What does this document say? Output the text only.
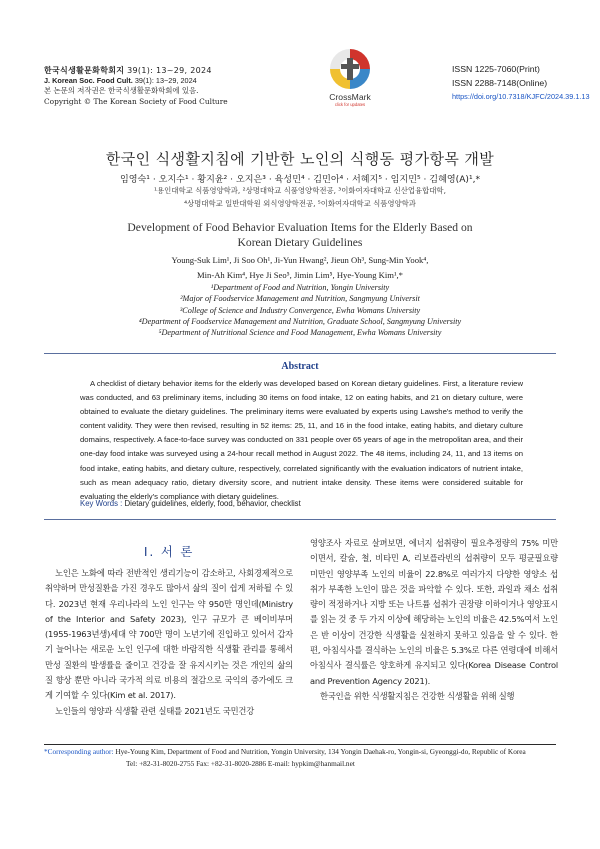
한국식생활문화학회지 39(1): 13~29, 2024
J. Korean Soc. Food Cult. 39(1): 13~29, 2024
본 논문의 저작권은 한국식생활문화학회에 있음.
Copyright © The Korean Society of Food Culture	CrossMark
click for updates
ISSN 1225-7060(Print)
ISSN 2288-7148(Online)
https://doi.org/10.7318/KJFC/2024.39.1.13
한국인 식생활지침에 기반한 노인의 식행동 평가항목 개발
임영숙¹ · 오지수¹ · 황지윤² · 오지은³ · 육성민⁴ · 김민아⁴ · 서혜지⁵ · 임지민⁵ · 김혜영(A)¹,*
¹용인대학교 식품영양학과, ²상명대학교 식품영양학전공, ³이화여자대학교 신산업융합대학,
⁴상명대학교 일반대학원 외식영양학전공, ⁵이화여자대학교 식품영양학과
Development of Food Behavior Evaluation Items for the Elderly Based on
Korean Dietary Guidelines
Young-Suk Lim¹, Ji Soo Oh¹, Ji-Yun Hwang², Jieun Oh³, Sung-Min Yook⁴,
Min-Ah Kim⁴, Hye Ji Seo⁵, Jimin Lim⁵, Hye-Young Kim¹,*
¹Department of Food and Nutrition, Yongin University
²Major of Foodservice Management and Nutrition, Sangmyung Universit
³College of Science and Industry Convergence, Ewha Womans University
⁴Department of Foodservice Management and Nutrition, Graduate School, Sangmyung University
⁵Department of Nutritional Science and Food Management, Ewha Womans University
Abstract
A checklist of dietary behavior items for the elderly was developed based on Korean dietary guidelines. First, a literature review was conducted, and 63 preliminary items, including 30 items on food intake, 12 on eating habits, and 21 on dietary culture, were obtained to evaluate the dietary guidelines. The preliminary items were evaluated by experts using Lawshe's method to verify the content validity. They were then revised, resulting in 52 items: 25, 11, and 16 in the food intake, eating habits, and dietary culture domains, respectively. A face-to-face survey was conducted on 331 people over 65 years of age in the metropolitan area, and their one-day food intake was surveyed using a 24-hour recall method in August 2022. The 48 items, including 24, 11, and 13 items on food intake, eating habits, and dietary culture, respectively, correlated significantly with the evaluation indicators of nutrient intake, such as mean adequacy ratio, dietary diversity score, and nutrient intake density. These items were considered suitable for evaluating the elderly's compliance with dietary guidelines.
Key Words : Dietary guidelines, elderly, food, behavior, checklist
I. 서 론

노인은 노화에 따라 전반적인 생리기능이 감소하고, 사회경제적으로 취약하며 만성질환을 가진 경우도 많아서 삶의 질이 쉽게 저하될 수 있다. 2023년 현재 우리나라의 노인 인구는 약 950만 명인데(Ministry of the Interior and Safety 2023), 인구 규모가 큰 베이비부머(1955-1963년생)세대 약 700만 명이 노년기에 진입하고 있어서 갑자기 늘어나는 새로운 노인 인구에 대한 바람직한 식생활 관리를 통해서 만성 질환의 발생률을 줄이고 건강을 잘 유지시키는 것은 개인의 삶의 질 향상 뿐만 아니라 국가적 의료 비용의 절감으로 국익의 증가에도 크게 기여할 수 있다(Kim et al. 2017).

노인들의 영양과 식생활 관련 실태를 2021년도 국민건강

영양조사 자료로 살펴보면, 에너지 섭취량이 필요추정량의 75% 미만이면서, 칼슘, 철, 비타민 A, 리보플라빈의 섭취량이 모두 평균필요량 미만인 영양부족 노인의 비율이 22.8%로 여러가지 다양한 영양소 섭취가 부족한 노인이 많은 것을 파악할 수 있다. 또한, 과일과 채소 섭취량이 적정하거나 지방 또는 나트륨 섭취가 권장량 이하이거나 영양표시를 읽는 것 중 두 가지 이상에 해당하는 노인의 비율은 42.5%여서 노인은 반 이상이 건강한 식생활을 실천하지 못하고 있음을 알 수 있다. 한편, 아침식사를 결식하는 노인의 비율은 5.3%로 다른 연령대에 비해서 아침식사 결식률은 양호하게 유지되고 있다(Korea Disease Control and Prevention Agency 2021).

한국인을 위한 식생활지침은 건강한 식생활을 위해 실행

*Corresponding author: Hye-Young Kim, Department of Food and Nutrition, Yongin University, 134 Yongin Daehak-ro, Yongin-si, Gyeonggi-do, Republic of Korea
Tel: +82-31-8020-2755 Fax: +82-31-8020-2886 E-mail: hypkim@hanmail.net
